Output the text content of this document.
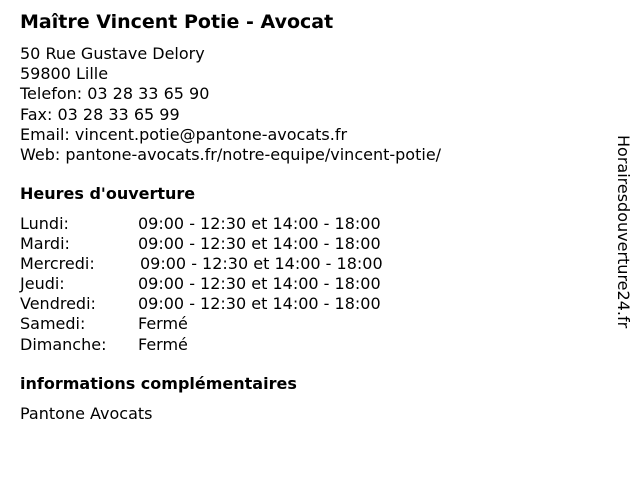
Maître Vincent Potie - Avocat
50 Rue Gustave Delory
59800 Lille
Telefon: 03 28 33 65 90
Fax: 03 28 33 65 99
Email: vincent.potie@pantone-avocats.fr
Web: pantone-avocats.fr/notre-equipe/vincent-potie/
Heures d'ouverture
Lundi:	09:00 - 12:30 et 14:00 - 18:00
Mardi:	09:00 - 12:30 et 14:00 - 18:00
Mercredi:	09:00 - 12:30 et 14:00 - 18:00
Jeudi:	09:00 - 12:30 et 14:00 - 18:00
Vendredi:	09:00 - 12:30 et 14:00 - 18:00
Samedi:	Fermé
Dimanche: Fermé
informations complémentaires
Pantone Avocats
Horairesdouverture24.fr
